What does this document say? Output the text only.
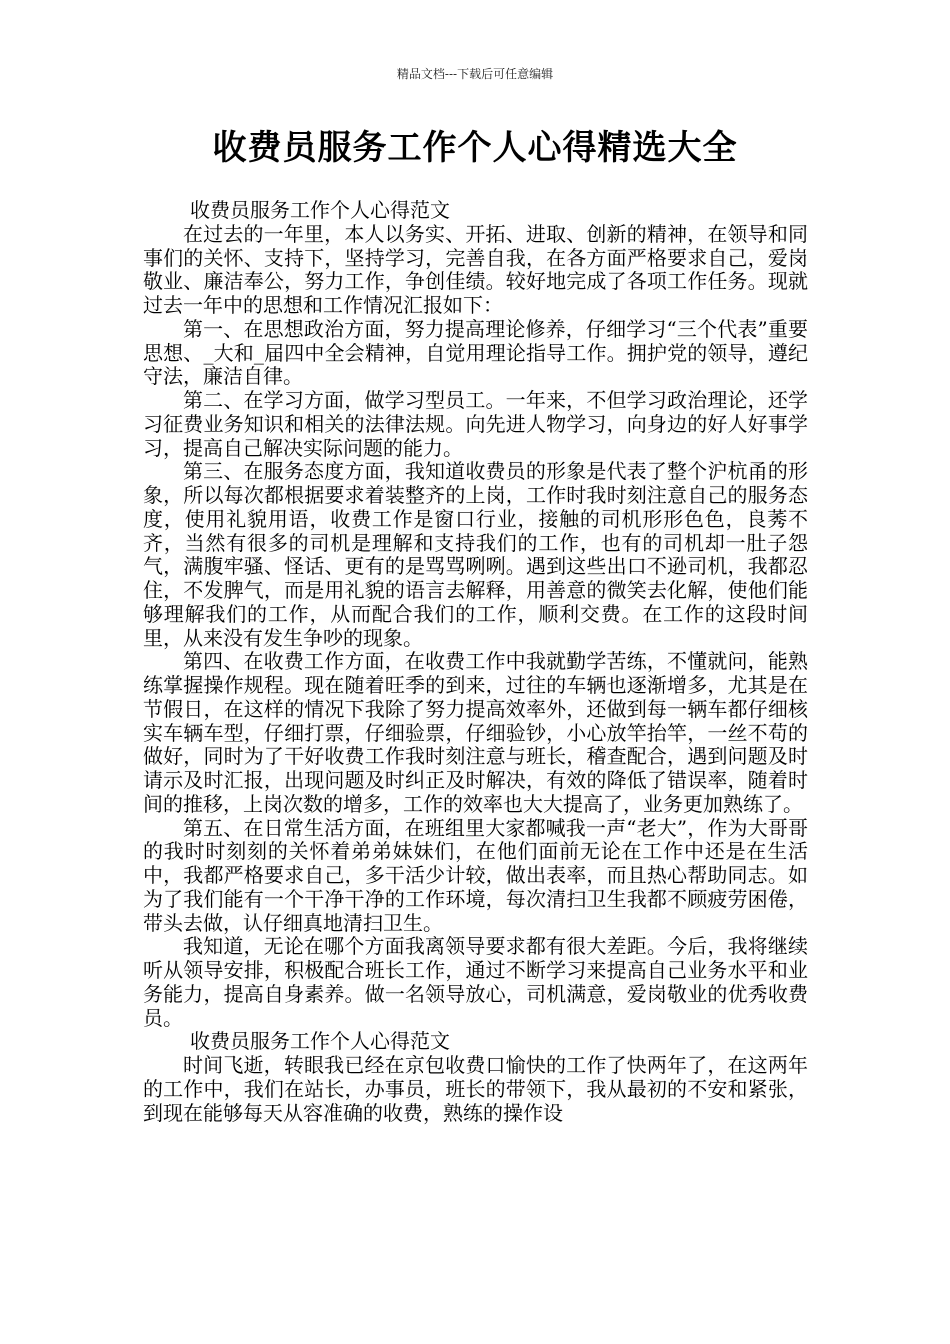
精品文档---下载后可任意编辑
收费员服务工作个人心得精选大全

收费员服务工作个人心得范文

在过去的一年里，本人以务实、开拓、进取、创新的精神，在领导和同事们的关怀、支持下，坚持学习，完善自我，在各方面严格要求自己，爱岗敬业、廉洁奉公，努力工作，争创佳绩。较好地完成了各项工作任务。现就过去一年中的思想和工作情况汇报如下：

第一、在思想政治方面，努力提高理论修养，仔细学习“三个代表”重要思想、_大和_届四中全会精神，自觉用理论指导工作。拥护党的领导，遵纪守法，廉洁自律。

第二、在学习方面，做学习型员工。一年来，不但学习政治理论，还学习征费业务知识和相关的法律法规。向先进人物学习，向身边的好人好事学习，提高自己解决实际问题的能力。

第三、在服务态度方面，我知道收费员的形象是代表了整个沪杭甬的形象，所以每次都根据要求着装整齐的上岗，工作时我时刻注意自己的服务态度，使用礼貌用语，收费工作是窗口行业，接触的司机形形色色，良莠不齐，当然有很多的司机是理解和支持我们的工作，也有的司机却一肚子怨气，满腹牢骚、怪话、更有的是骂骂咧咧。遇到这些出口不逊司机，我都忍住，不发脾气，而是用礼貌的语言去解释，用善意的微笑去化解，使他们能够理解我们的工作，从而配合我们的工作，顺利交费。在工作的这段时间里，从来没有发生争吵的现象。

第四、在收费工作方面，在收费工作中我就勤学苦练，不懂就问，能熟练掌握操作规程。现在随着旺季的到来，过往的车辆也逐渐增多，尤其是在节假日，在这样的情况下我除了努力提高效率外，还做到每一辆车都仔细核实车辆车型，仔细打票，仔细验票，仔细验钞，小心放竿抬竿，一丝不苟的做好，同时为了干好收费工作我时刻注意与班长，稽查配合，遇到问题及时请示及时汇报，出现问题及时纠正及时解决，有效的降低了错误率，随着时间的推移，上岗次数的增多，工作的效率也大大提高了，业务更加熟练了。

第五、在日常生活方面，在班组里大家都喊我一声“老大”，作为大哥哥的我时时刻刻的关怀着弟弟妹妹们，在他们面前无论在工作中还是在生活中，我都严格要求自己，多干活少计较，做出表率，而且热心帮助同志。如为了我们能有一个干净干净的工作环境，每次清扫卫生我都不顾疲劳困倦，带头去做，认仔细真地清扫卫生。

我知道，无论在哪个方面我离领导要求都有很大差距。今后，我将继续听从领导安排，积极配合班长工作，通过不断学习来提高自己业务水平和业务能力，提高自身素养。做一名领导放心，司机满意，爱岗敬业的优秀收费员。

收费员服务工作个人心得范文

时间飞逝，转眼我已经在京包收费口愉快的工作了快两年了，在这两年的工作中，我们在站长，办事员，班长的带领下，我从最初的不安和紧张，到现在能够每天从容准确的收费，熟练的操作设
